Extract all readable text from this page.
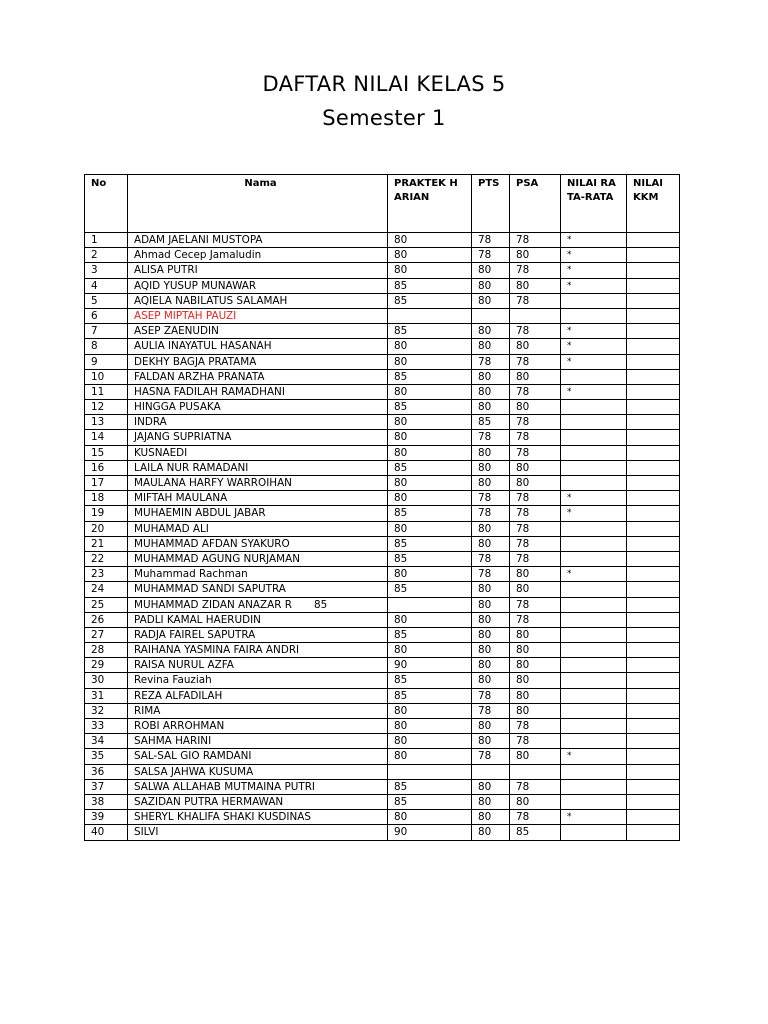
DAFTAR NILAI KELAS 5
Semester 1
No	Nama	PRAKTEK H ARIAN	PTS	PSA	NILAI RA TA-RATA	NILAI KKM
1	ADAM JAELANI MUSTOPA	80	78	78	*	
2	Ahmad Cecep Jamaludin	80	78	80	*	
3	ALISA PUTRI	80	80	78	*	
4	AQID YUSUP MUNAWAR	85	80	80	*	
5	AQIELA NABILATUS SALAMAH	85	80	78		
6	ASEP MIPTAH PAUZI					
7	ASEP ZAENUDIN	85	80	78	*	
8	AULIA INAYATUL HASANAH	80	80	80	*	
9	DEKHY BAGJA PRATAMA	80	78	78	*	
10	FALDAN ARZHA PRANATA	85	80	80		
11	HASNA FADILAH RAMADHANI	80	80	78	*	
12	HINGGA PUSAKA	85	80	80		
13	INDRA	80	85	78		
14	JAJANG SUPRIATNA	80	78	78		
15	KUSNAEDI	80	80	78		
16	LAILA NUR RAMADANI	85	80	80		
17	MAULANA HARFY WARROIHAN	80	80	80		
18	MIFTAH MAULANA	80	78	78	*	
19	MUHAEMIN ABDUL JABAR	85	78	78	*	
20	MUHAMAD ALI	80	80	78		
21	MUHAMMAD AFDAN SYAKURO	85	80	78		
22	MUHAMMAD AGUNG NURJAMAN	85	78	78		
23	Muhammad Rachman	80	78	80	*	
24	MUHAMMAD SANDI SAPUTRA	85	80	80		
25	MUHAMMAD ZIDAN ANAZAR R 85		80	78		
26	PADLI KAMAL HAERUDIN	80	80	78		
27	RADJA FAIREL SAPUTRA	85	80	80		
28	RAIHANA YASMINA FAIRA ANDRI	80	80	80		
29	RAISA NURUL AZFA	90	80	80		
30	Revina Fauziah	85	80	80		
31	REZA ALFADILAH	85	78	80		
32	RIMA	80	78	80		
33	ROBI ARROHMAN	80	80	78		
34	SAHMA HARINI	80	80	78		
35	SAL-SAL GIO RAMDANI	80	78	80	*	
36	SALSA JAHWA KUSUMA					
37	SALWA ALLAHAB MUTMAINA PUTRI	85	80	78		
38	SAZIDAN PUTRA HERMAWAN	85	80	80		
39	SHERYL KHALIFA SHAKI KUSDINAS	80	80	78	*	
40	SILVI	90	80	85		
